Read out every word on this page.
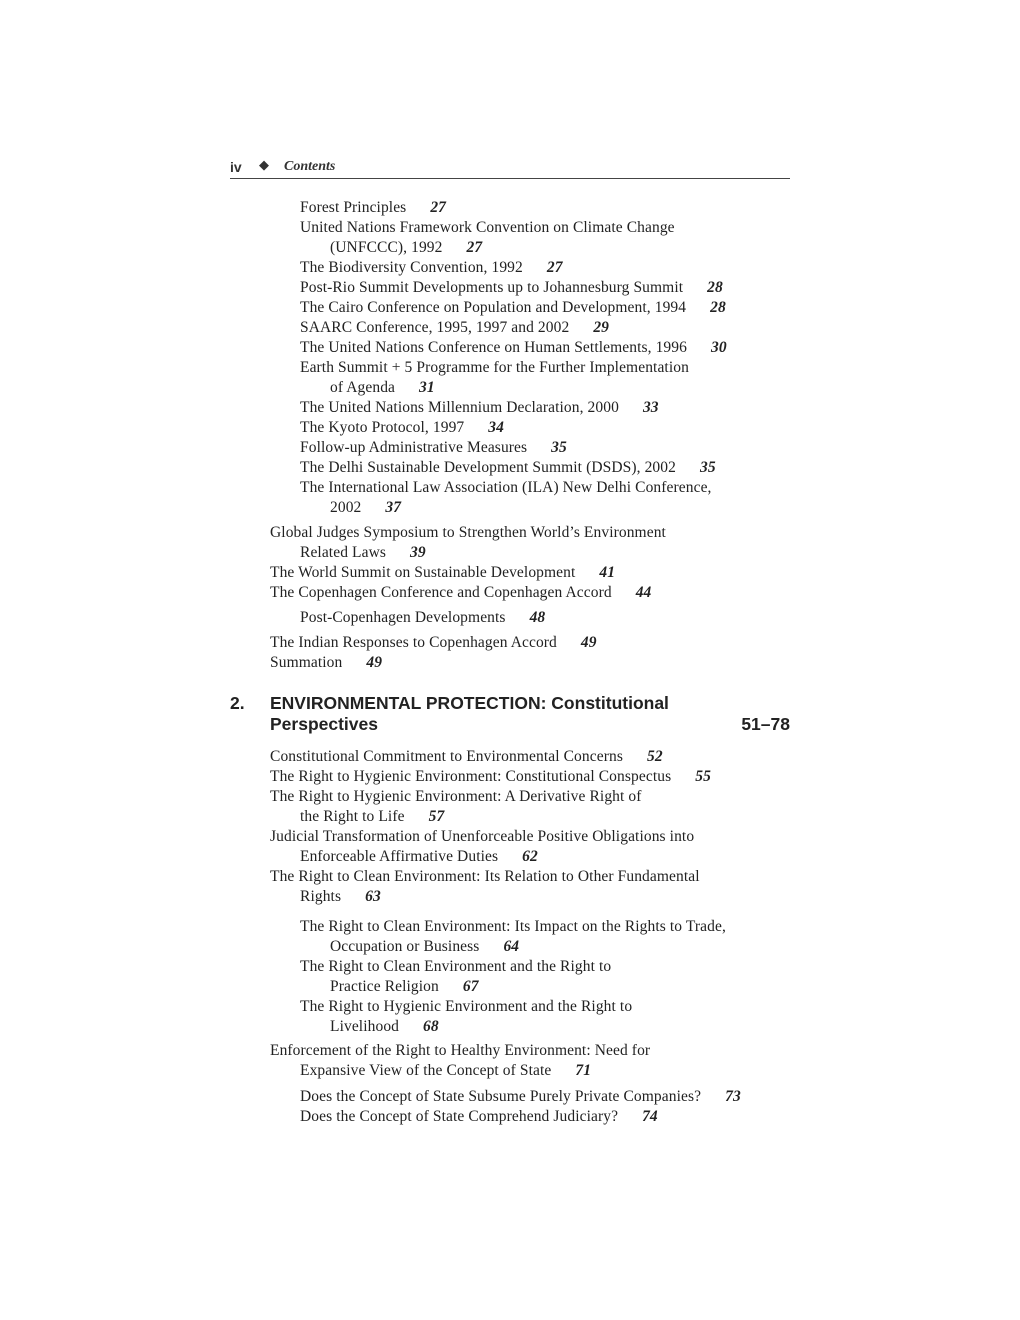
iv ◆ Contents
Forest Principles 27
United Nations Framework Convention on Climate Change
(UNFCCC), 1992 27
The Biodiversity Convention, 1992 27
Post-Rio Summit Developments up to Johannesburg Summit 28
The Cairo Conference on Population and Development, 1994 28
SAARC Conference, 1995, 1997 and 2002 29
The United Nations Conference on Human Settlements, 1996 30
Earth Summit + 5 Programme for the Further Implementation
of Agenda 31
The United Nations Millennium Declaration, 2000 33
The Kyoto Protocol, 1997 34
Follow-up Administrative Measures 35
The Delhi Sustainable Development Summit (DSDS), 2002 35
The International Law Association (ILA) New Delhi Conference,
2002 37
Global Judges Symposium to Strengthen World’s Environment
Related Laws 39
The World Summit on Sustainable Development 41
The Copenhagen Conference and Copenhagen Accord 44
Post-Copenhagen Developments 48
The Indian Responses to Copenhagen Accord 49
Summation 49
2. ENVIRONMENTAL PROTECTION: Constitutional
Perspectives	51–78
Constitutional Commitment to Environmental Concerns 52
The Right to Hygienic Environment: Constitutional Conspectus 55
The Right to Hygienic Environment: A Derivative Right of
the Right to Life 57
Judicial Transformation of Unenforceable Positive Obligations into
Enforceable Affirmative Duties 62
The Right to Clean Environment: Its Relation to Other Fundamental
Rights 63
The Right to Clean Environment: Its Impact on the Rights to Trade,
Occupation or Business 64
The Right to Clean Environment and the Right to
Practice Religion 67
The Right to Hygienic Environment and the Right to
Livelihood 68
Enforcement of the Right to Healthy Environment: Need for
Expansive View of the Concept of State 71
Does the Concept of State Subsume Purely Private Companies? 73
Does the Concept of State Comprehend Judiciary? 74
